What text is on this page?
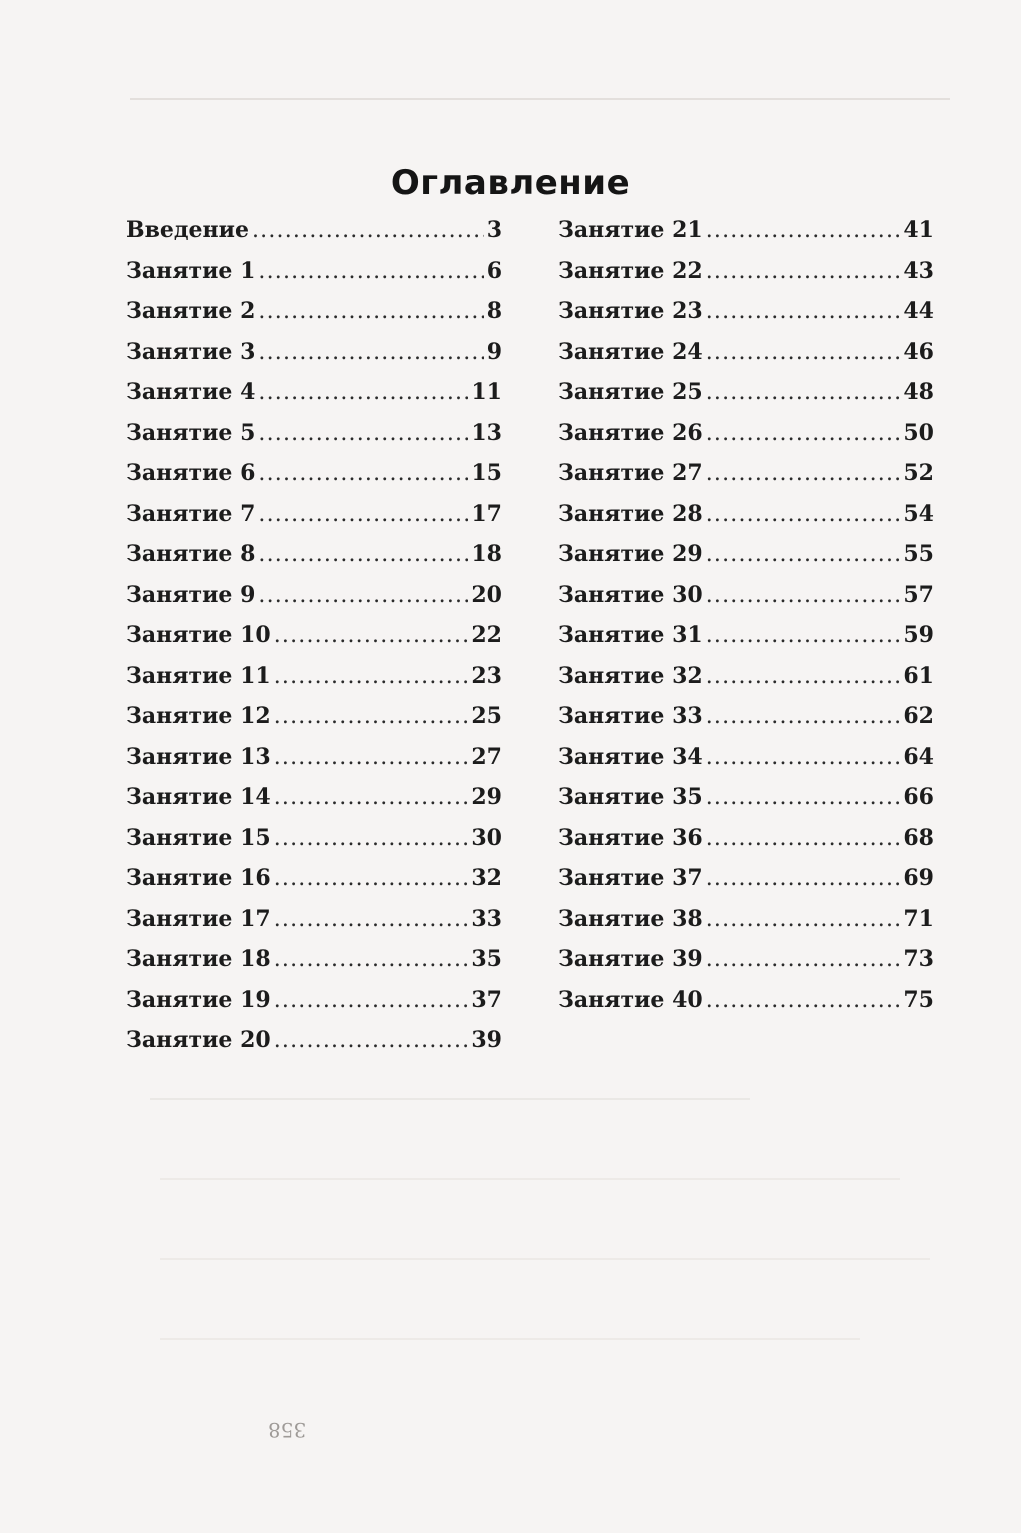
Оглавление
Введение .....	3
Занятие 1 .....	6
Занятие 2 .....	8
Занятие 3 .....	9
Занятие 4 .....	11
Занятие 5 .....	13
Занятие 6 .....	15
Занятие 7 .....	17
Занятие 8 .....	18
Занятие 9 .....	20
Занятие 10 .....	22
Занятие 11 .....	23
Занятие 12 .....	25
Занятие 13 .....	27
Занятие 14 .....	29
Занятие 15 .....	30
Занятие 16 .....	32
Занятие 17 .....	33
Занятие 18 .....	35
Занятие 19 .....	37
Занятие 20 .....	39
Занятие 21 .....	41
Занятие 22 .....	43
Занятие 23 .....	44
Занятие 24 .....	46
Занятие 25 .....	48
Занятие 26 .....	50
Занятие 27 .....	52
Занятие 28 .....	54
Занятие 29 .....	55
Занятие 30 .....	57
Занятие 31 .....	59
Занятие 32 .....	61
Занятие 33 .....	62
Занятие 34 .....	64
Занятие 35 .....	66
Занятие 36 .....	68
Занятие 37 .....	69
Занятие 38 .....	71
Занятие 39 .....	73
Занятие 40 .....	75
358
